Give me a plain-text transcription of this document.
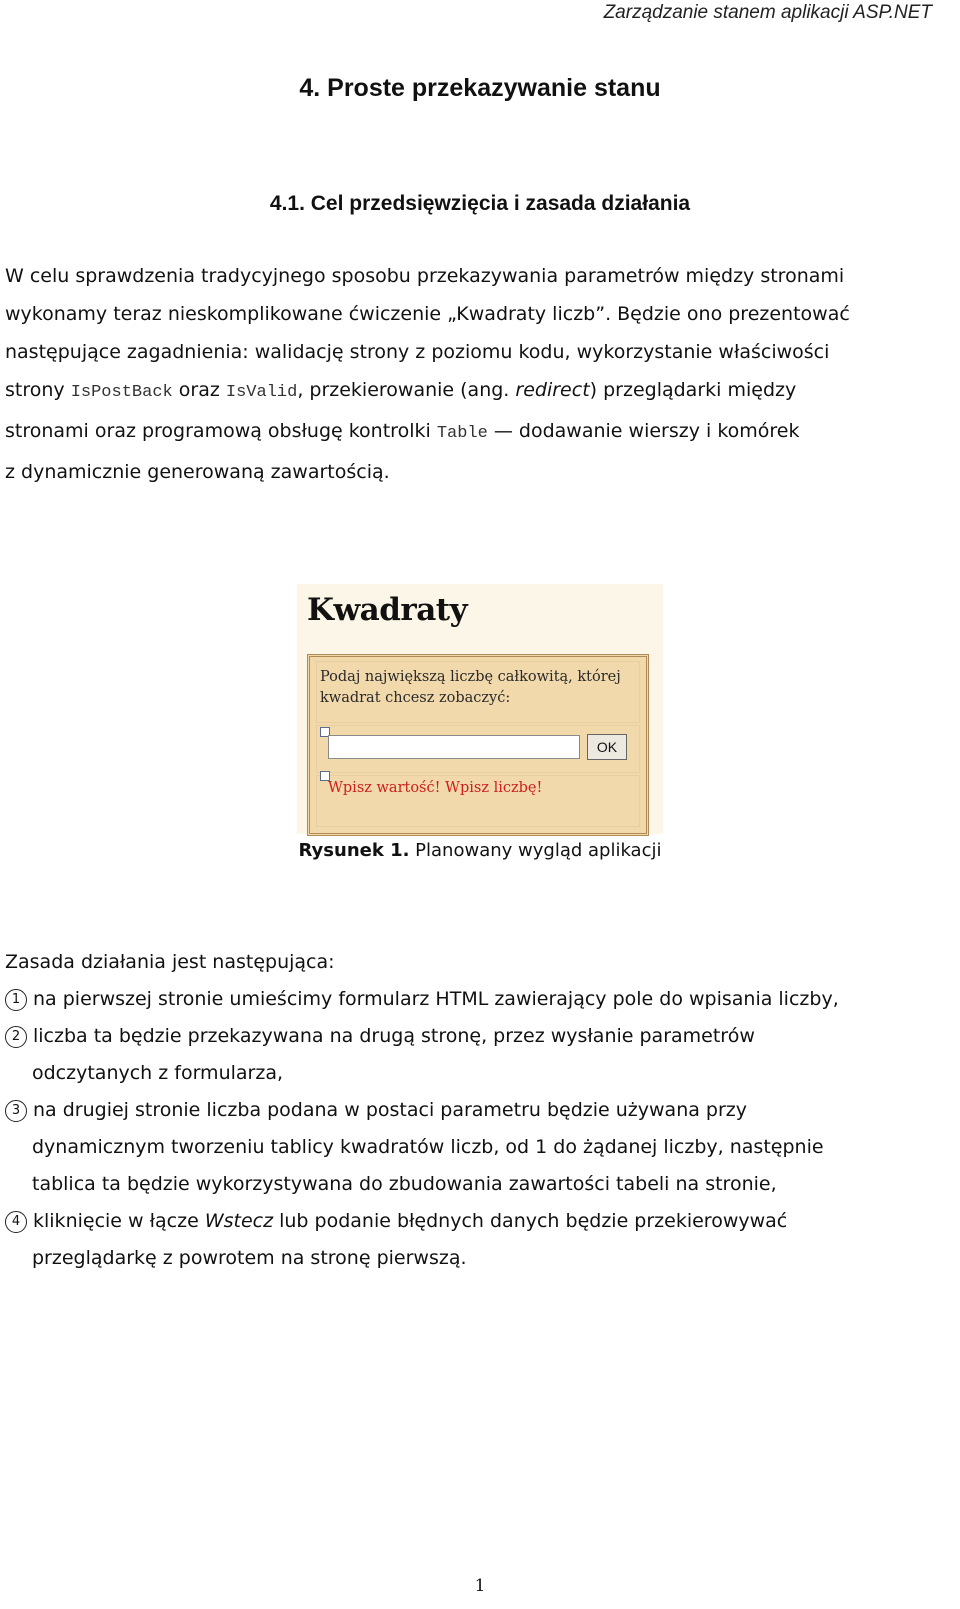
Zarządzanie stanem aplikacji ASP.NET
4. Proste przekazywanie stanu
4.1. Cel przedsięwzięcia i zasada działania
W celu sprawdzenia tradycyjnego sposobu przekazywania parametrów między stronami
wykonamy teraz nieskomplikowane ćwiczenie „Kwadraty liczb”. Będzie ono prezentować
następujące zagadnienia: walidację strony z poziomu kodu, wykorzystanie właściwości
strony IsPostBack oraz IsValid, przekierowanie (ang. redirect) przeglądarki między
stronami oraz programową obsługę kontrolki Table — dodawanie wierszy i komórek
z dynamicznie generowaną zawartością.
Kwadraty
Podaj największą liczbę całkowitą, której
kwadrat chcesz zobaczyć:
OK
Wpisz wartość! Wpisz liczbę!
Rysunek 1. Planowany wygląd aplikacji
Zasada działania jest następująca:
1 na pierwszej stronie umieścimy formularz HTML zawierający pole do wpisania liczby,
2 liczba ta będzie przekazywana na drugą stronę, przez wysłanie parametrów
odczytanych z formularza,
3 na drugiej stronie liczba podana w postaci parametru będzie używana przy
dynamicznym tworzeniu tablicy kwadratów liczb, od 1 do żądanej liczby, następnie
tablica ta będzie wykorzystywana do zbudowania zawartości tabeli na stronie,
4 kliknięcie w łącze Wstecz lub podanie błędnych danych będzie przekierowywać
przeglądarkę z powrotem na stronę pierwszą.
1
